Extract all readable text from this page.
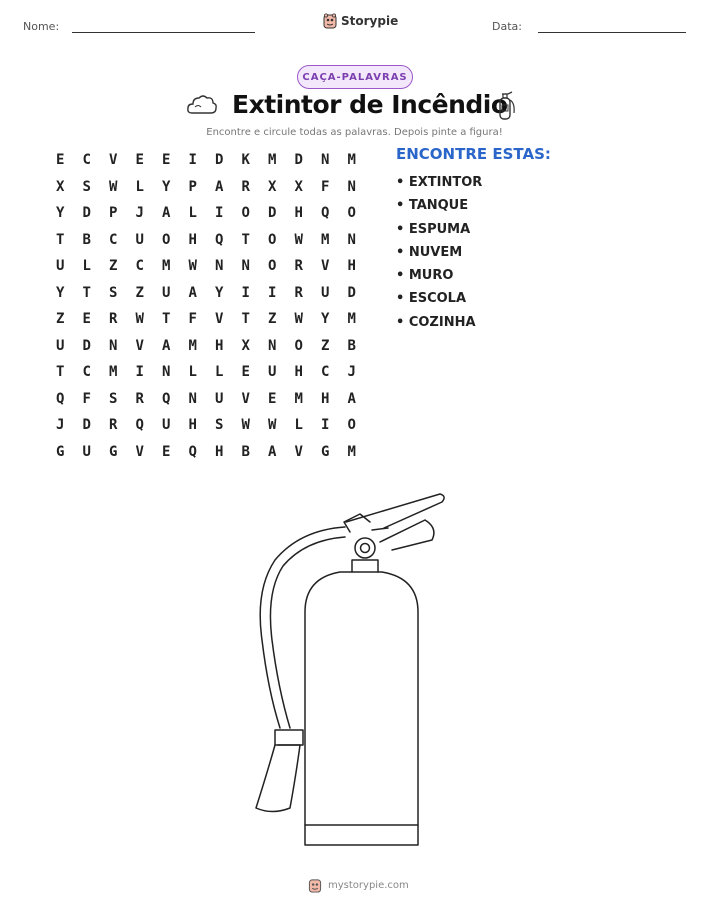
Nome:	Storypie	Data:
CAÇA-PALAVRAS
Extintor de Incêndio
Encontre e circule todas as palavras. Depois pinte a figura!
E	C	V	E	E	I	D	K	M	D	N	M
X	S	W	L	Y	P	A	R	X	X	F	N
Y	D	P	J	A	L	I	O	D	H	Q	O
T	B	C	U	O	H	Q	T	O	W	M	N
U	L	Z	C	M	W	N	N	O	R	V	H
Y	T	S	Z	U	A	Y	I	I	R	U	D
Z	E	R	W	T	F	V	T	Z	W	Y	M
U	D	N	V	A	M	H	X	N	O	Z	B
T	C	M	I	N	L	L	E	U	H	C	J
Q	F	S	R	Q	N	U	V	E	M	H	A
J	D	R	Q	U	H	S	W	W	L	I	O
G	U	G	V	E	Q	H	B	A	V	G	M
ENCONTRE ESTAS:
• EXTINTOR
• TANQUE
• ESPUMA
• NUVEM
• MURO
• ESCOLA
• COZINHA
mystorypie.com
